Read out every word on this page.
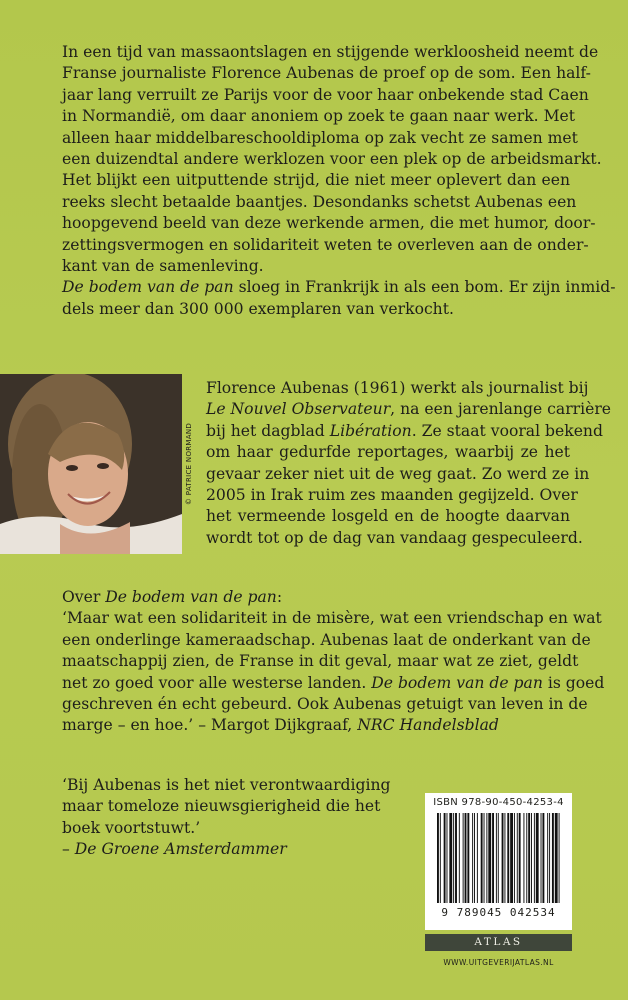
In een tijd van massaontslagen en stijgende werkloosheid neemt de
Franse journaliste Florence Aubenas de proef op de som. Een half-
jaar lang verruilt ze Parijs voor de voor haar onbekende stad Caen
in Normandië, om daar anoniem op zoek te gaan naar werk. Met
alleen haar middelbareschooldiploma op zak vecht ze samen met
een duizendtal andere werklozen voor een plek op de arbeidsmarkt.
Het blijkt een uitputtende strijd, die niet meer oplevert dan een
reeks slecht betaalde baantjes. Desondanks schetst Aubenas een
hoopgevend beeld van deze werkende armen, die met humor, door-
zettingsvermogen en solidariteit weten te overleven aan de onder-
kant van de samenleving.
De bodem van de pan sloeg in Frankrijk in als een bom. Er zijn inmid-
dels meer dan 300 000 exemplaren van verkocht.

© PATRICE NORMAND

Florence Aubenas (1961) werkt als journalist bij
Le Nouvel Observateur, na een jarenlange carrière
bij het dagblad Libération. Ze staat vooral bekend
om haar gedurfde reportages, waarbij ze het
gevaar zeker niet uit de weg gaat. Zo werd ze in
2005 in Irak ruim zes maanden gegijzeld. Over
het vermeende losgeld en de hoogte daarvan
wordt tot op de dag van vandaag gespeculeerd.

Over De bodem van de pan:
‘Maar wat een solidariteit in de misère, wat een vriendschap en wat
een onderlinge kameraadschap. Aubenas laat de onderkant van de
maatschappij zien, de Franse in dit geval, maar wat ze ziet, geldt
net zo goed voor alle westerse landen. De bodem van de pan is goed
geschreven én echt gebeurd. Ook Aubenas getuigt van leven in de
marge – en hoe.’ – Margot Dijkgraaf, NRC Handelsblad

‘Bij Aubenas is het niet verontwaardiging
maar tomeloze nieuwsgierigheid die het
boek voortstuwt.’
– De Groene Amsterdammer

ISBN 978-90-450-4253-4
9 789045 042534
ATLAS
WWW.UITGEVERIJATLAS.NL
